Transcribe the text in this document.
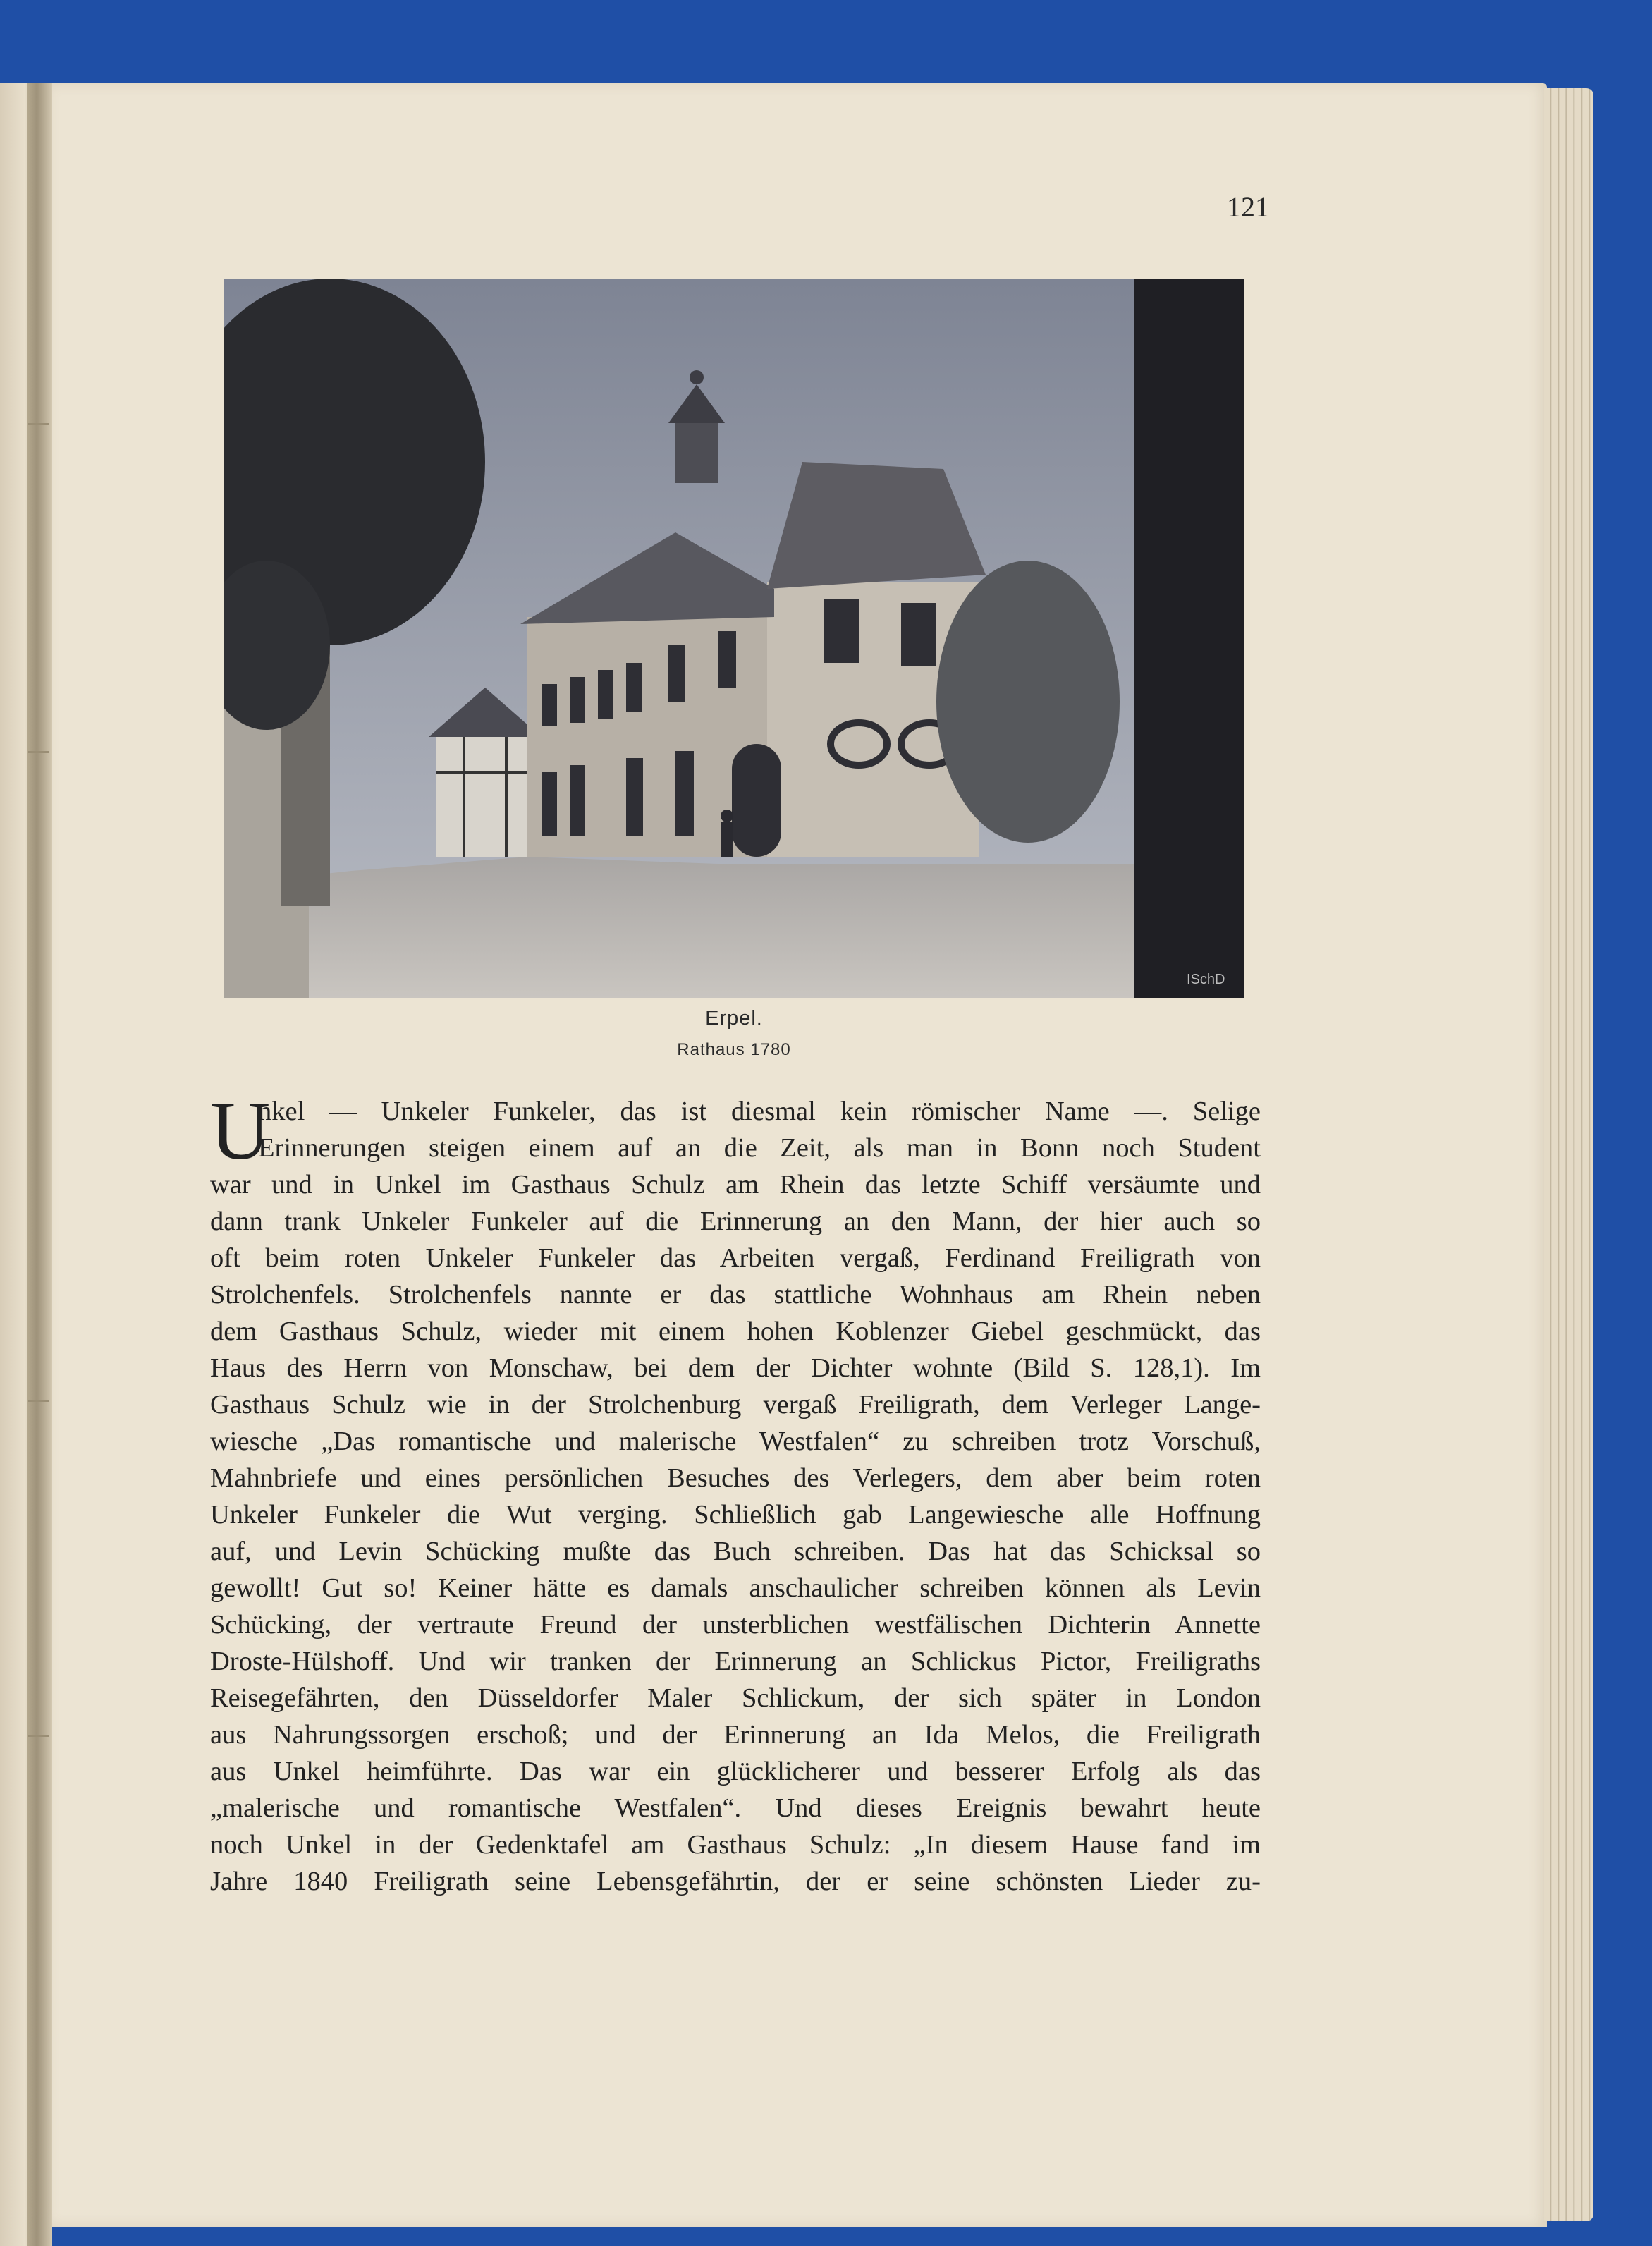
121
ISchD
Erpel.
Rathaus 1780
U
nkel — Unkeler Funkeler, das ist diesmal kein römischer Name —. Selige
Erinnerungen steigen einem auf an die Zeit, als man in Bonn noch Student
war und in Unkel im Gasthaus Schulz am Rhein das letzte Schiff versäumte und
dann trank Unkeler Funkeler auf die Erinnerung an den Mann, der hier auch so
oft beim roten Unkeler Funkeler das Arbeiten vergaß, Ferdinand Freiligrath von
Strolchenfels. Strolchenfels nannte er das stattliche Wohnhaus am Rhein neben
dem Gasthaus Schulz, wieder mit einem hohen Koblenzer Giebel geschmückt, das
Haus des Herrn von Monschaw, bei dem der Dichter wohnte (Bild S. 128,1). Im
Gasthaus Schulz wie in der Strolchenburg vergaß Freiligrath, dem Verleger Lange-
wiesche „Das romantische und malerische Westfalen“ zu schreiben trotz Vorschuß,
Mahnbriefe und eines persönlichen Besuches des Verlegers, dem aber beim roten
Unkeler Funkeler die Wut verging. Schließlich gab Langewiesche alle Hoffnung
auf, und Levin Schücking mußte das Buch schreiben. Das hat das Schicksal so
gewollt! Gut so! Keiner hätte es damals anschaulicher schreiben können als Levin
Schücking, der vertraute Freund der unsterblichen westfälischen Dichterin Annette
Droste-Hülshoff. Und wir tranken der Erinnerung an Schlickus Pictor, Freiligraths
Reisegefährten, den Düsseldorfer Maler Schlickum, der sich später in London
aus Nahrungssorgen erschoß; und der Erinnerung an Ida Melos, die Freiligrath
aus Unkel heimführte. Das war ein glücklicherer und besserer Erfolg als das
„malerische und romantische Westfalen“. Und dieses Ereignis bewahrt heute
noch Unkel in der Gedenktafel am Gasthaus Schulz: „In diesem Hause fand im
Jahre 1840 Freiligrath seine Lebensgefährtin, der er seine schönsten Lieder zu-
